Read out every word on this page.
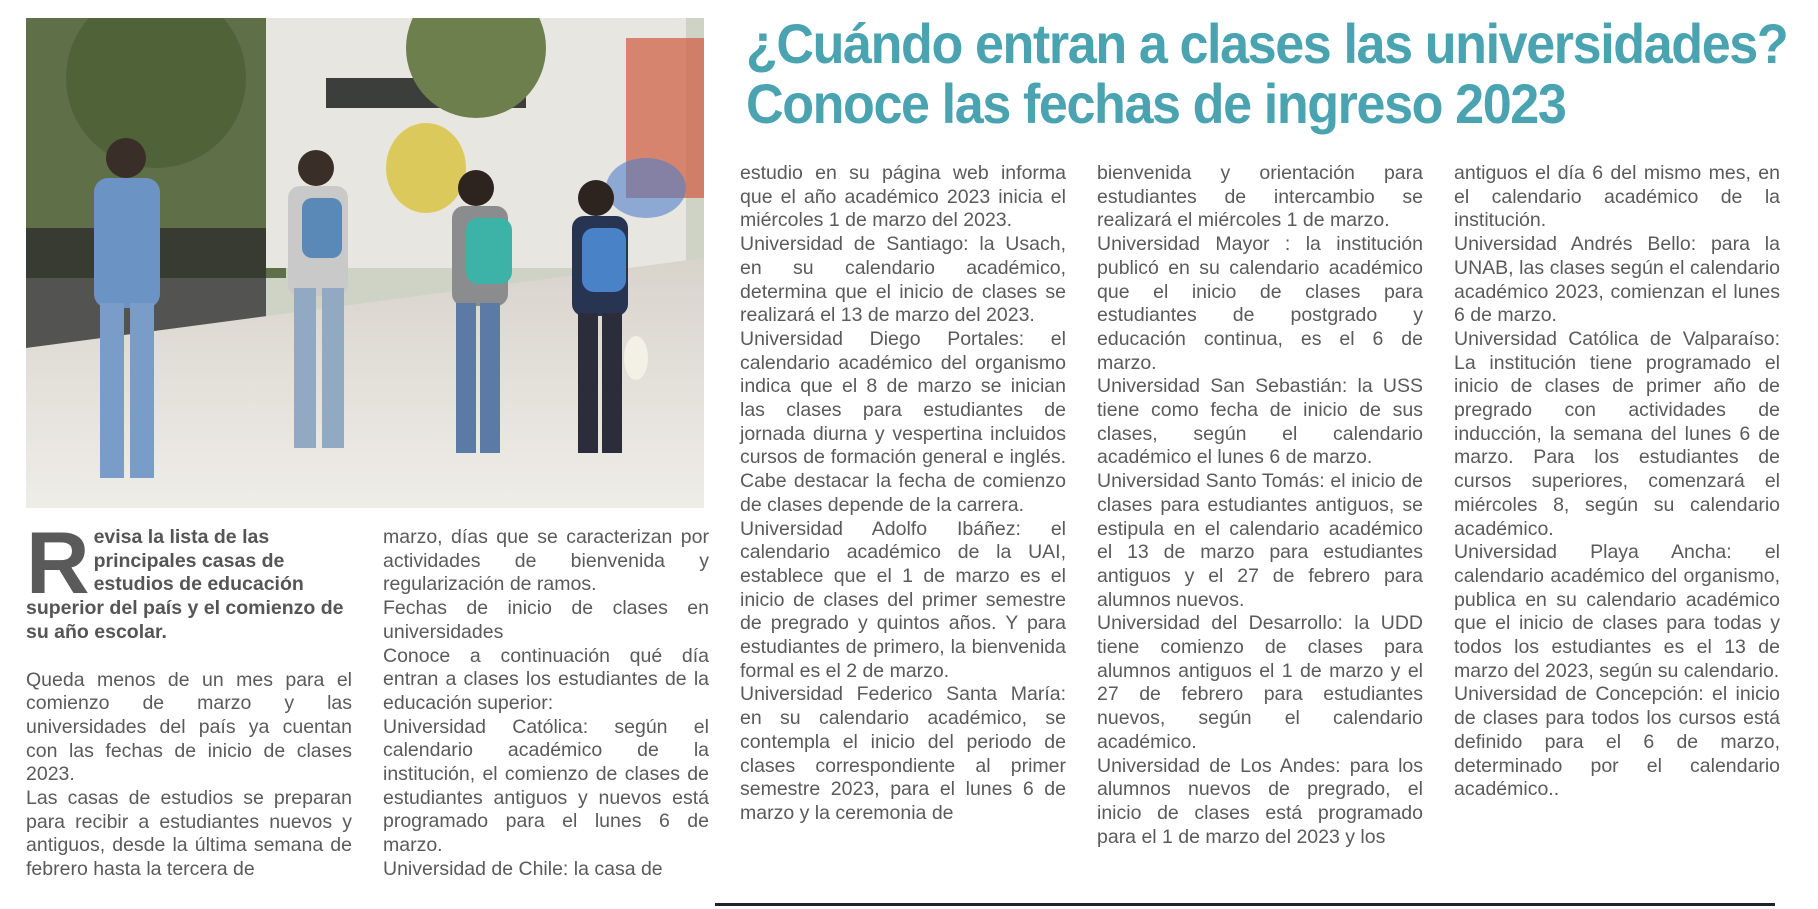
¿Cuándo entran a clases las universidades?
Conoce las fechas de ingreso 2023

Revisa la lista de las principales casas de estudios de educación superior del país y el comienzo de su año escolar.

Queda menos de un mes para el comienzo de marzo y las universidades del país ya cuentan con las fechas de inicio de clases 2023.

Las casas de estudios se preparan para recibir a estudiantes nuevos y antiguos, desde la última semana de febrero hasta la tercera de

marzo, días que se caracterizan por actividades de bienvenida y regularización de ramos.

Fechas de inicio de clases en universidades

Conoce a continuación qué día entran a clases los estudiantes de la educación superior:

Universidad Católica: según el calendario académico de la institución, el comienzo de clases de estudiantes antiguos y nuevos está programado para el lunes 6 de marzo.

Universidad de Chile: la casa de

estudio en su página web informa que el año académico 2023 inicia el miércoles 1 de marzo del 2023.

Universidad de Santiago: la Usach, en su calendario académico, determina que el inicio de clases se realizará el 13 de marzo del 2023.

Universidad Diego Portales: el calendario académico del organismo indica que el 8 de marzo se inician las clases para estudiantes de jornada diurna y vespertina incluidos cursos de formación general e inglés. Cabe destacar la fecha de comienzo de clases depende de la carrera.

Universidad Adolfo Ibáñez: el calendario académico de la UAI, establece que el 1 de marzo es el inicio de clases del primer semestre de pregrado y quintos años. Y para estudiantes de primero, la bienvenida formal es el 2 de marzo.

Universidad Federico Santa María: en su calendario académico, se contempla el inicio del periodo de clases correspondiente al primer semestre 2023, para el lunes 6 de marzo y la ceremonia de

bienvenida y orientación para estudiantes de intercambio se realizará el miércoles 1 de marzo.

Universidad Mayor : la institución publicó en su calendario académico que el inicio de clases para estudiantes de postgrado y educación continua, es el 6 de marzo.

Universidad San Sebastián: la USS tiene como fecha de inicio de sus clases, según el calendario académico el lunes 6 de marzo.

Universidad Santo Tomás: el inicio de clases para estudiantes antiguos, se estipula en el calendario académico el 13 de marzo para estudiantes antiguos y el 27 de febrero para alumnos nuevos.

Universidad del Desarrollo: la UDD tiene comienzo de clases para alumnos antiguos el 1 de marzo y el 27 de febrero para estudiantes nuevos, según el calendario académico.

Universidad de Los Andes: para los alumnos nuevos de pregrado, el inicio de clases está programado para el 1 de marzo del 2023 y los

antiguos el día 6 del mismo mes, en el calendario académico de la institución.

Universidad Andrés Bello: para la UNAB, las clases según el calendario académico 2023, comienzan el lunes 6 de marzo.

Universidad Católica de Valparaíso: La institución tiene programado el inicio de clases de primer año de pregrado con actividades de inducción, la semana del lunes 6 de marzo. Para los estudiantes de cursos superiores, comenzará el miércoles 8, según su calendario académico.

Universidad Playa Ancha: el calendario académico del organismo, publica en su calendario académico que el inicio de clases para todas y todos los estudiantes es el 13 de marzo del 2023, según su calendario.

Universidad de Concepción: el inicio de clases para todos los cursos está definido para el 6 de marzo, determinado por el calendario académico..
